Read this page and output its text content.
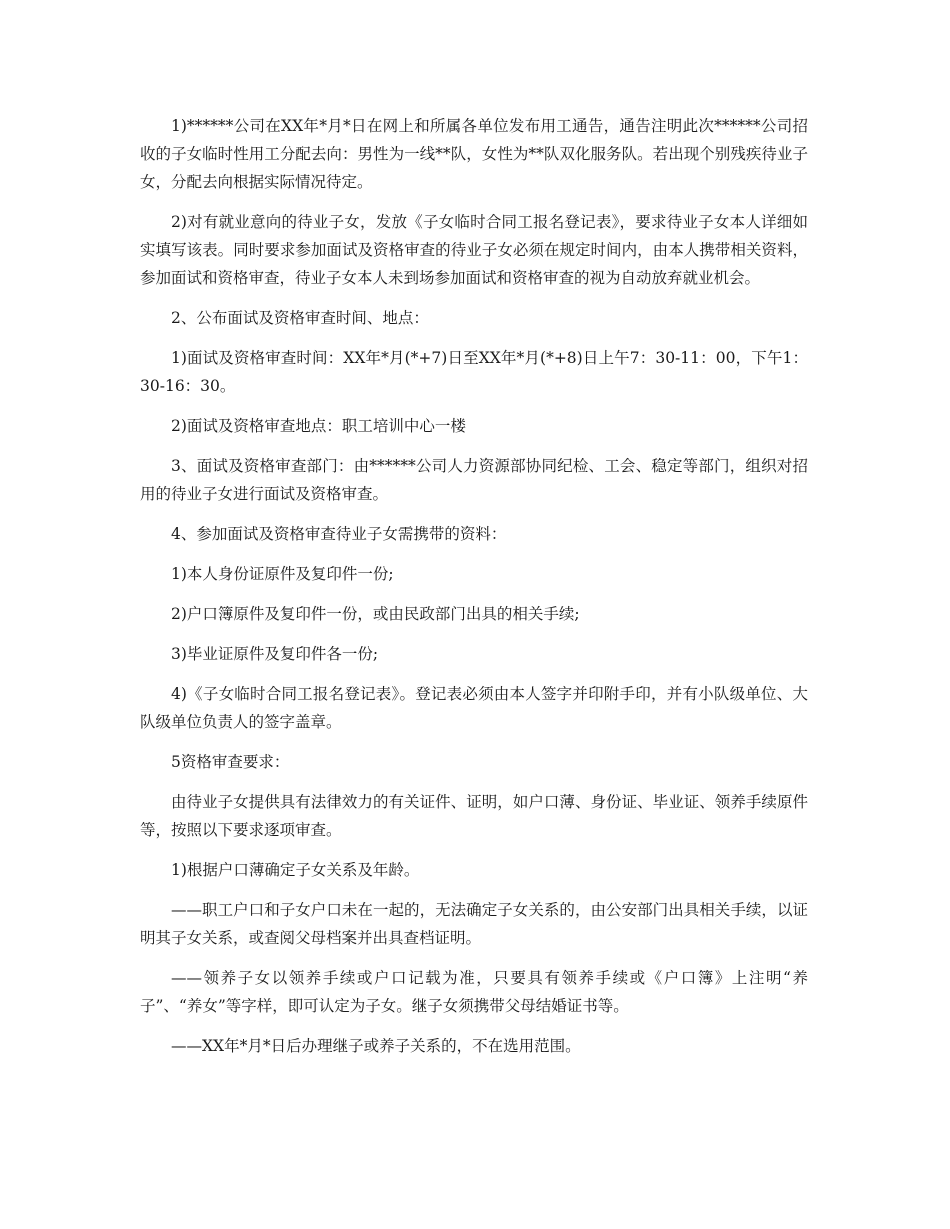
1)******公司在XX年*月*日在网上和所属各单位发布用工通告，通告注明此次******公司招收的子女临时性用工分配去向：男性为一线**队，女性为**队双化服务队。若出现个别残疾待业子女，分配去向根据实际情况待定。

2)对有就业意向的待业子女，发放《子女临时合同工报名登记表》，要求待业子女本人详细如实填写该表。同时要求参加面试及资格审查的待业子女必须在规定时间内，由本人携带相关资料，参加面试和资格审查，待业子女本人未到场参加面试和资格审查的视为自动放弃就业机会。

2、公布面试及资格审查时间、地点：

1)面试及资格审查时间：XX年*月(*+7)日至XX年*月(*+8)日上午7：30-11：00，下午1：30-16：30。

2)面试及资格审查地点：职工培训中心一楼

3、面试及资格审查部门：由******公司人力资源部协同纪检、工会、稳定等部门，组织对招用的待业子女进行面试及资格审查。

4、参加面试及资格审查待业子女需携带的资料：

1)本人身份证原件及复印件一份;

2)户口簿原件及复印件一份，或由民政部门出具的相关手续;

3)毕业证原件及复印件各一份;

4)《子女临时合同工报名登记表》。登记表必须由本人签字并印附手印，并有小队级单位、大队级单位负责人的签字盖章。

5资格审查要求：

由待业子女提供具有法律效力的有关证件、证明，如户口薄、身份证、毕业证、领养手续原件等，按照以下要求逐项审查。

1)根据户口薄确定子女关系及年龄。

——职工户口和子女户口未在一起的，无法确定子女关系的，由公安部门出具相关手续，以证明其子女关系，或查阅父母档案并出具查档证明。

——领养子女以领养手续或户口记载为准，只要具有领养手续或《户口簿》上注明“养子”、“养女”等字样，即可认定为子女。继子女须携带父母结婚证书等。

——XX年*月*日后办理继子或养子关系的，不在选用范围。
